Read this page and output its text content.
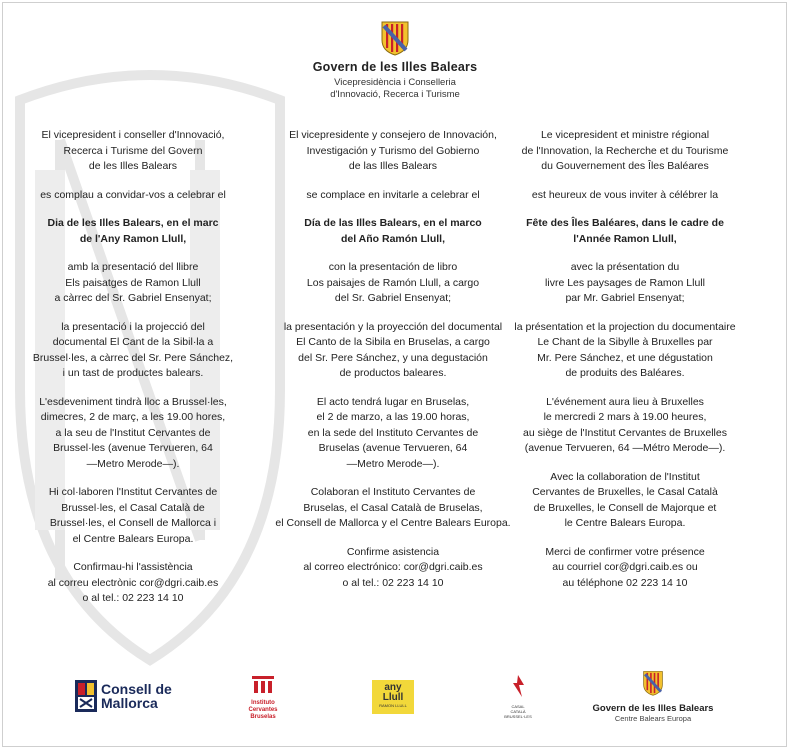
Govern de les Illes Balears
Vicepresidència i Conselleria
d'Innovació, Recerca i Turisme

El vicepresident i conseller d'Innovació,
Recerca i Turisme del Govern
de les Illes Balears

es complau a convidar-vos a celebrar el

Dia de les Illes Balears, en el marc
de l'Any Ramon Llull,

amb la presentació del llibre
Els paisatges de Ramon Llull
a càrrec del Sr. Gabriel Ensenyat;

la presentació i la projecció del
documental El Cant de la Sibil·la a
Brussel·les, a càrrec del Sr. Pere Sánchez,
i un tast de productes balears.

L'esdeveniment tindrà lloc a Brussel·les,
dimecres, 2 de març, a les 19.00 hores,
a la seu de l'Institut Cervantes de
Brussel·les (avenue Tervueren, 64
—Metro Merode—).

Hi col·laboren l'Institut Cervantes de
Brussel·les, el Casal Català de
Brussel·les, el Consell de Mallorca i
el Centre Balears Europa.

Confirmau-hi l'assistència
al correu electrònic cor@dgri.caib.es
o al tel.: 02 223 14 10

El vicepresidente y consejero de Innovación,
Investigación y Turismo del Gobierno
de las Illes Balears

se complace en invitarle a celebrar el

Día de las Illes Balears, en el marco
del Año Ramón Llull,

con la presentación de libro
Los paisajes de Ramón Llull, a cargo
del Sr. Gabriel Ensenyat;

la presentación y la proyección del documental
El Canto de la Sibila en Bruselas, a cargo
del Sr. Pere Sánchez, y una degustación
de productos baleares.

El acto tendrá lugar en Bruselas,
el 2 de marzo, a las 19.00 horas,
en la sede del Instituto Cervantes de
Bruselas (avenue Tervueren, 64
—Metro Merode—).

Colaboran el Instituto Cervantes de
Bruselas, el Casal Català de Bruselas,
el Consell de Mallorca y el Centre Balears Europa.

Confirme asistencia
al correo electrónico: cor@dgri.caib.es
o al tel.: 02 223 14 10

Le vicepresident et ministre régional
de l'Innovation, la Recherche et du Tourisme
du Gouvernement des Îles Baléares

est heureux de vous inviter à célébrer la

Fête des Îles Baléares, dans le cadre de
l'Année Ramon Llull,

avec la présentation du
livre Les paysages de Ramon Llull
par Mr. Gabriel Ensenyat;

la présentation et la projection du documentaire
Le Chant de la Sibylle à Bruxelles par
Mr. Pere Sánchez, et une dégustation
de produits des Baléares.

L'événement aura lieu à Bruxelles
le mercredi 2 mars à 19.00 heures,
au siège de l'Institut Cervantes de Bruxelles
(avenue Tervueren, 64 —Métro Merode—).

Avec la collaboration de l'Institut
Cervantes de Bruxelles, le Casal Català
de Bruxelles, le Consell de Majorque et
le Centre Balears Europa.

Merci de confirmer votre présence
au courriel cor@dgri.caib.es ou
au téléphone 02 223 14 10

Consell de
Mallorca	Instituto
Cervantes
Bruselas
any
Llull
RAMON LLULL	CASAL
CATALÀ
BRUSSEL·LES
Govern de les Illes Balears
Centre Balears Europa
